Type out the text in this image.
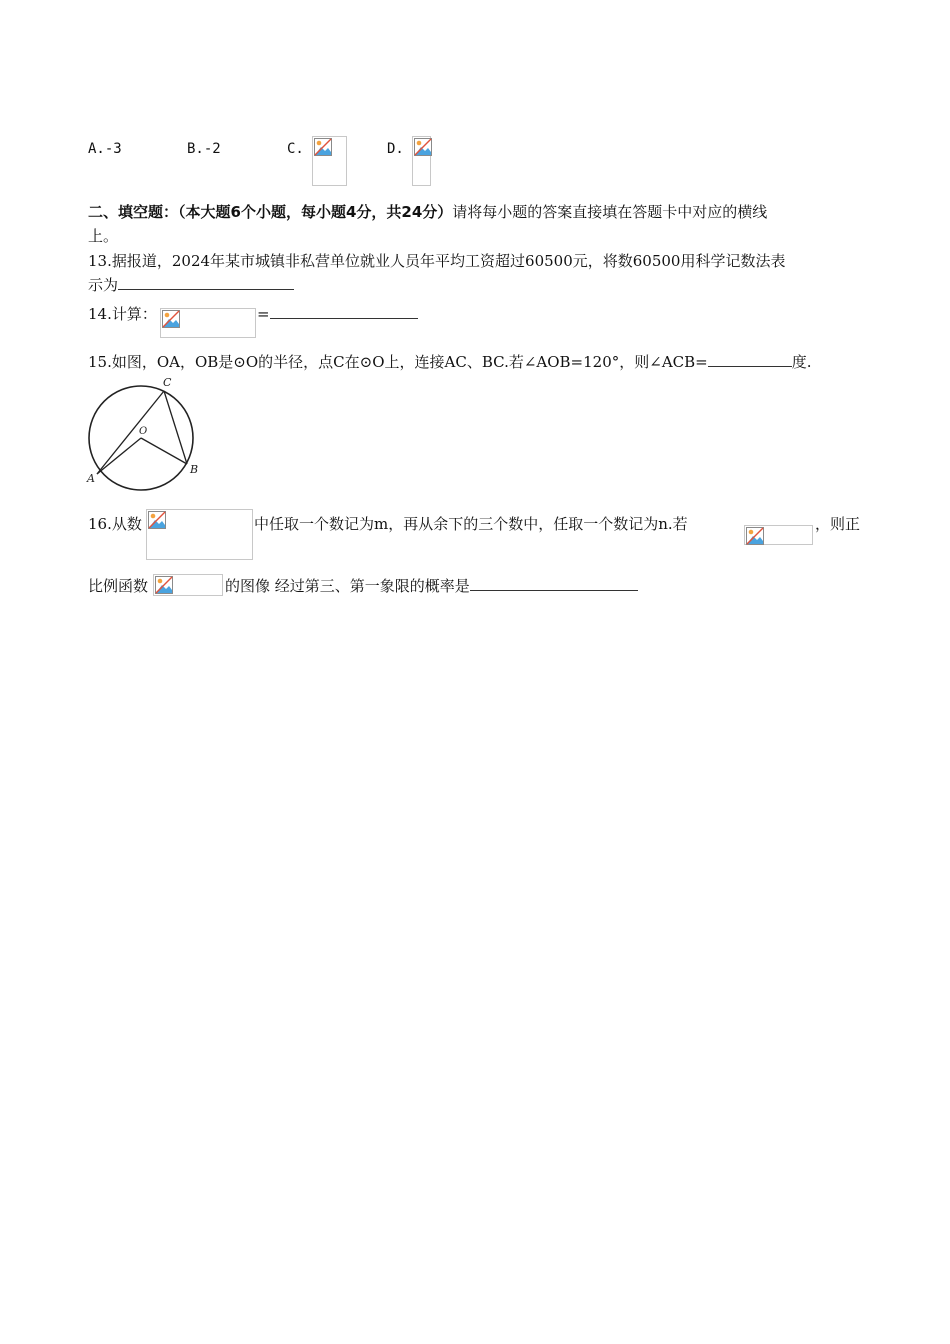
A.-3	B.-2	C.	D.
二、填空题：（本大题6个小题，每小题4分，共24分）请将每小题的答案直接填在答题卡中对应的横线
上。
13.据报道，2024年某市城镇非私营单位就业人员年平均工资超过60500元，将数60500用科学记数法表
示为
14.计算：	=
15.如图，OA，OB是⊙O的半径，点C在⊙O上，连接AC、BC.若∠AOB=120°，则∠ACB=	度.
C
O
A
B
16.从数	中任取一个数记为m，再从余下的三个数中，任取一个数记为n.若	，则正
比例函数	的图像 经过第三、第一象限的概率是
